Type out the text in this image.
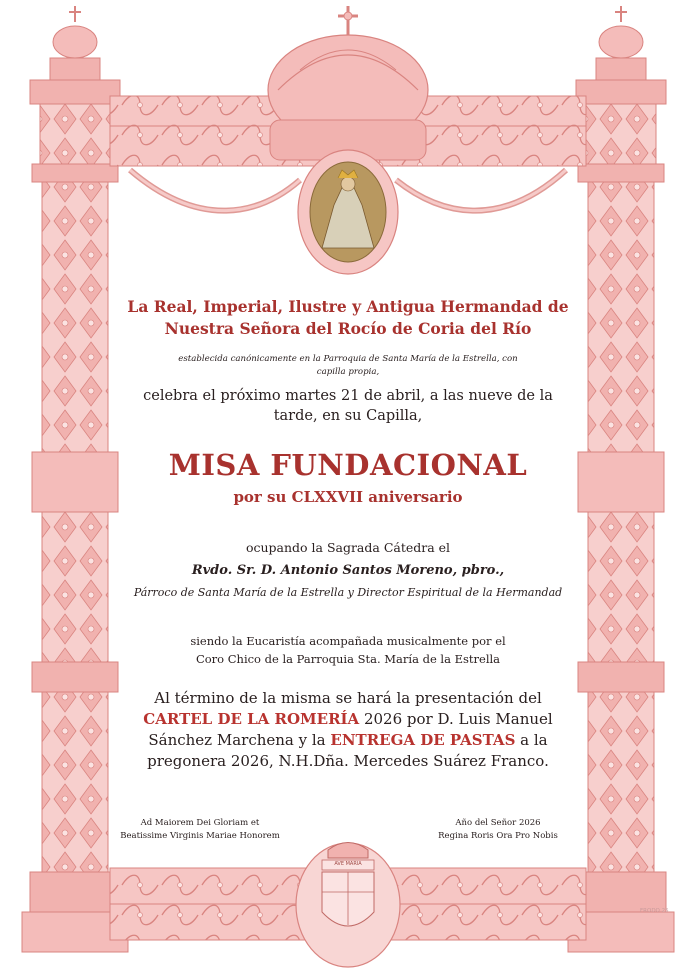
La Real, Imperial, Ilustre y Antigua Hermandad de
Nuestra Señora del Rocío de Coria del Río
establecida canónicamente en la Parroquia de Santa María de la Estrella, con
capilla propia,
celebra el próximo martes 21 de abril, a las nueve de la
tarde, en su Capilla,
MISA FUNDACIONAL
por su CLXXVII aniversario
ocupando la Sagrada Cátedra el
Rvdo. Sr. D. Antonio Santos Moreno, pbro.,
Párroco de Santa María de la Estrella y Director Espiritual de la Hermandad
siendo la Eucaristía acompañada musicalmente por el
Coro Chico de la Parroquia Sta. María de la Estrella
Al término de la misma se hará la presentación del CARTEL DE LA ROMERÍA 2026 por D. Luis Manuel Sánchez Marchena y la ENTREGA DE PASTAS a la pregonera 2026, N.H.Dña. Mercedes Suárez Franco.
Ad Maiorem Dei Gloriam et
Beatissime Virginis Mariae Honorem
Año del Señor 2026
Regina Roris Ora Pro Nobis
AVE MARIA
FRODO 25
